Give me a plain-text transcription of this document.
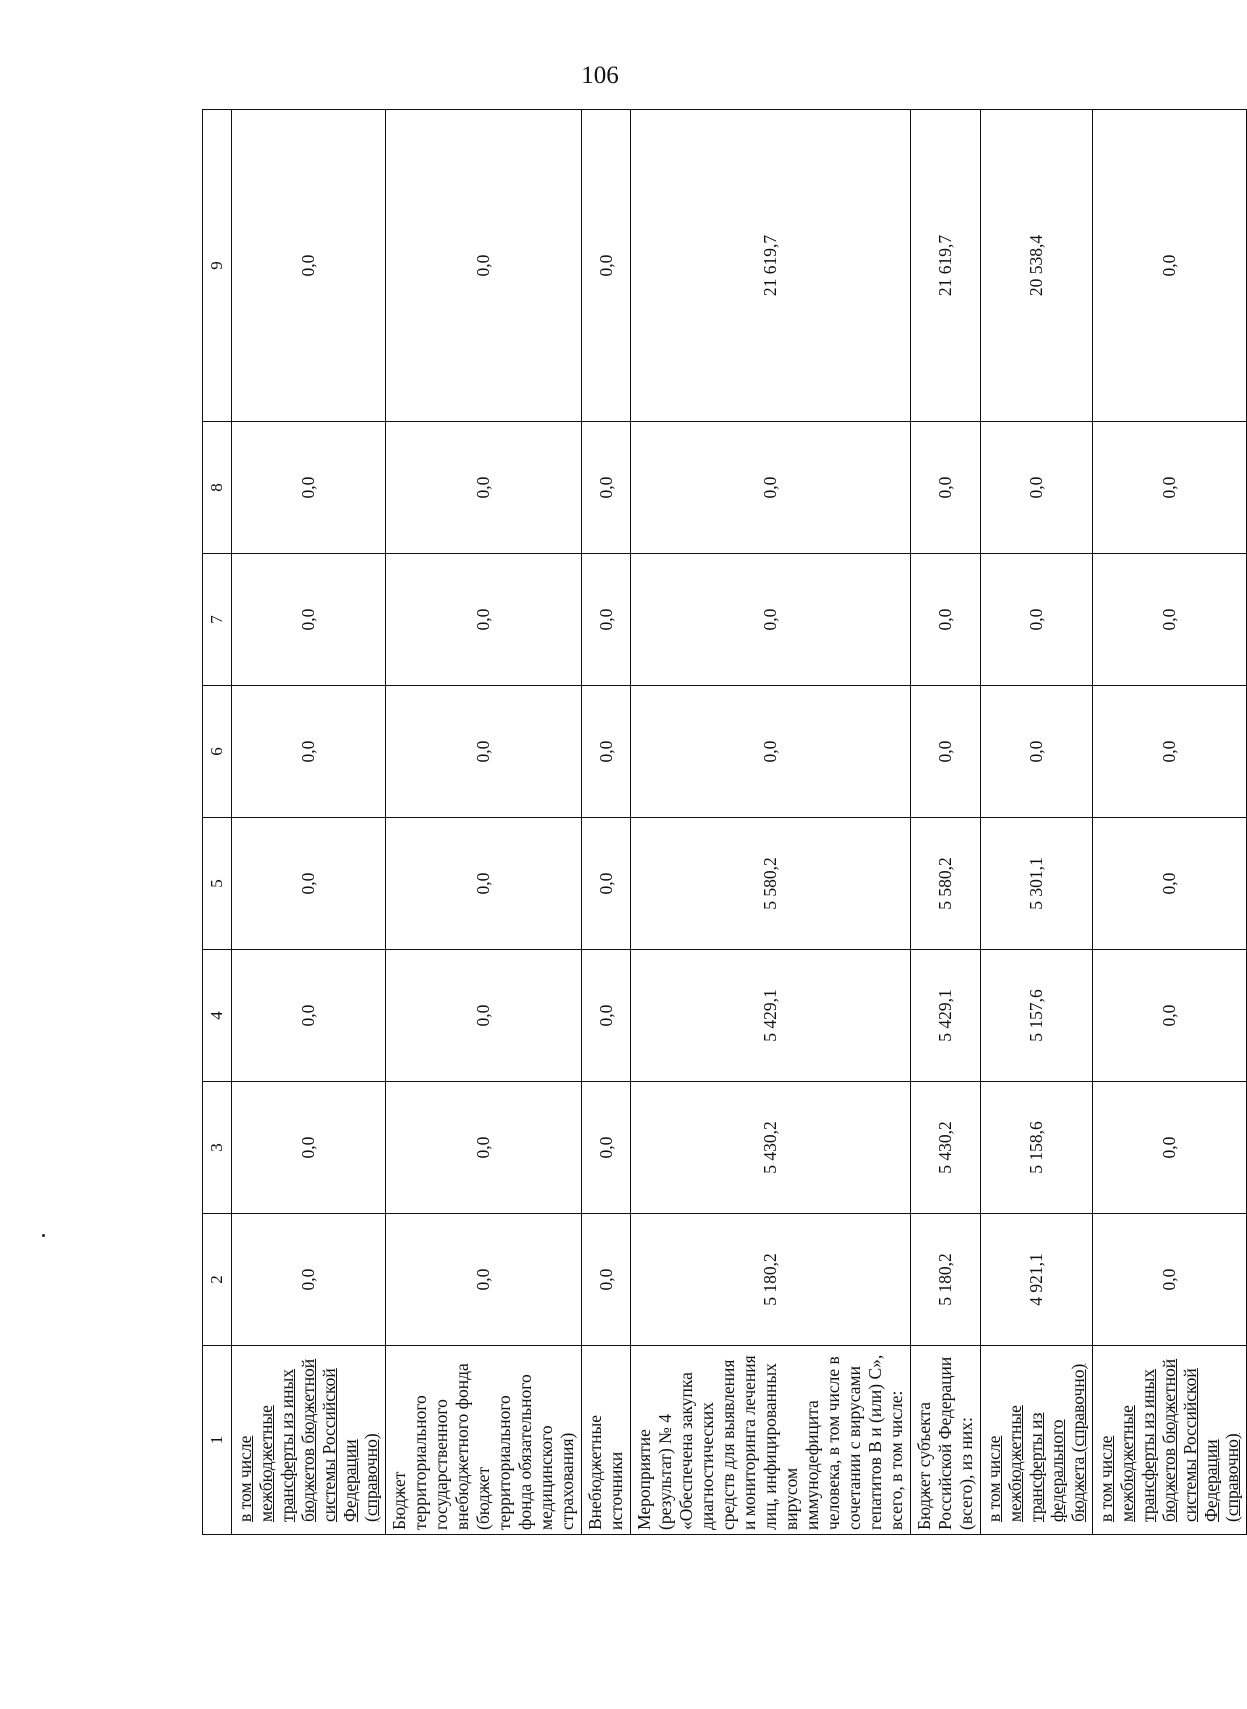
106
1	2	3	4	5	6	7	8	9
в том числе межбюджетные трансферты из иных бюджетов бюджетной системы Российской Федерации (справочно)	0,0	0,0	0,0	0,0	0,0	0,0	0,0	0,0
Бюджет территориального государственного внебюджетного фонда (бюджет территориального фонда обязательного медицинского страхования)	0,0	0,0	0,0	0,0	0,0	0,0	0,0	0,0
Внебюджетные источники	0,0	0,0	0,0	0,0	0,0	0,0	0,0	0,0
Мероприятие (результат) № 4 «Обеспечена закупка диагностических средств для выявления и мониторинга лечения лиц, инфицированных вирусом иммунодефицита человека, в том числе в сочетании с вирусами гепатитов В и (или) С», всего, в том числе:	5 180,2	5 430,2	5 429,1	5 580,2	0,0	0,0	0,0	21 619,7
Бюджет субъекта Российской Федерации (всего), из них:	5 180,2	5 430,2	5 429,1	5 580,2	0,0	0,0	0,0	21 619,7
в том числе межбюджетные трансферты из федерального бюджета (справочно)	4 921,1	5 158,6	5 157,6	5 301,1	0,0	0,0	0,0	20 538,4
в том числе межбюджетные трансферты из иных бюджетов бюджетной системы Российской Федерации (справочно)	0,0	0,0	0,0	0,0	0,0	0,0	0,0	0,0
